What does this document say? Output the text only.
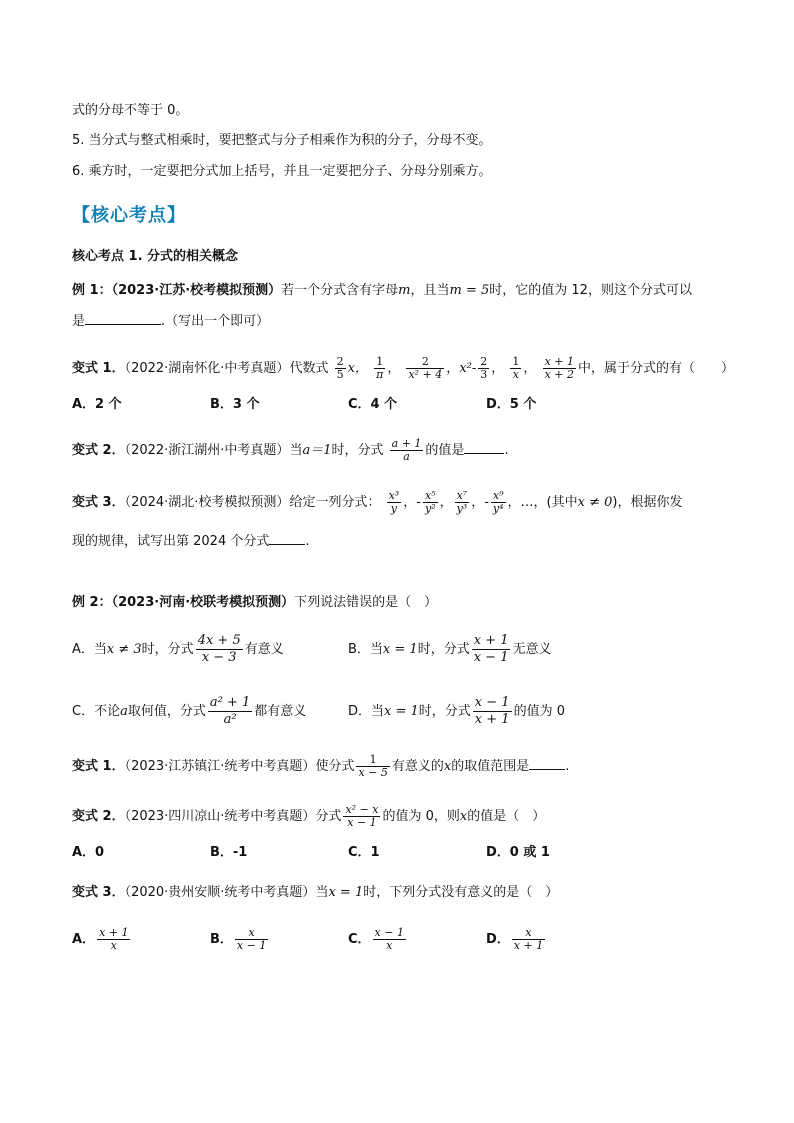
式的分母不等于 0。
5. 当分式与整式相乘时，要把整式与分子相乘作为积的分子，分母不变。
6. 乘方时，一定要把分式加上括号，并且一定要把分子、分母分别乘方。
【核心考点】
核心考点 1. 分式的相关概念
例 1：（2023·江苏·校考模拟预测）若一个分式含有字母m，且当m = 5时，它的值为 12，则这个分式可以
是	.（写出一个即可）
变式 1．（2022·湖南怀化·中考真题）代数式 $\frac{2}{5}$ x， $\frac{1}{\pi}$ ， $\frac{2}{\text{x² + 4}}$ ，$x^2- \frac{2}{3}$ ， $\frac{1}{x}$ ， $\frac{x + 1}{x + 2}$ 中，属于分式的有（　　）
A．2 个	B．3 个	C．4 个	D．5 个
变式 2．（2022·浙江湖州·中考真题）当a＝1时，分式 $\frac{a + 1}{a}$ 的值是	.
变式 3．（2024·湖北·校考模拟预测）给定一列分式： $\frac{\text{x³}}{y}$ ，- $\frac{\text{x⁵}}{\text{y²}}$ ， $\frac{\text{x⁷}}{\text{y³}}$ ，- $\frac{\text{x⁹}}{\text{y⁴}}$ ，…，(其中x ≠ 0)，根据你发
现的规律，试写出第 2024 个分式	.
例 2：（2023·河南·校联考模拟预测）下列说法错误的是（　）
A．当x ≠ 3时，分式 $\frac{4x + 5}{x - 3}$ 有意义	B．当x = 1时，分式 $\frac{x + 1}{x - 1}$ 无意义
C．不论a取何值，分式 $\frac{\text{a² + 1}}{\text{a²}}$ 都有意义	D．当x = 1时，分式 $\frac{x - 1}{x + 1}$ 的值为 0
变式 1．（2023·江苏镇江·统考中考真题）使分式 $\frac{1}{x - 5}$ 有意义的x的取值范围是	.
变式 2．（2023·四川凉山·统考中考真题）分式 $\frac{\text{x² − x}}{x - 1}$ 的值为 0，则x的值是（　）
A．0	B．-1	C．1	D．0 或 1
变式 3．（2020·贵州安顺·统考中考真题）当x = 1时，下列分式没有意义的是（　）
A． $\frac{x + 1}{x}$	B． $\frac{x}{x - 1}$	C． $\frac{x - 1}{x}$	D． $\frac{x}{x + 1}$
